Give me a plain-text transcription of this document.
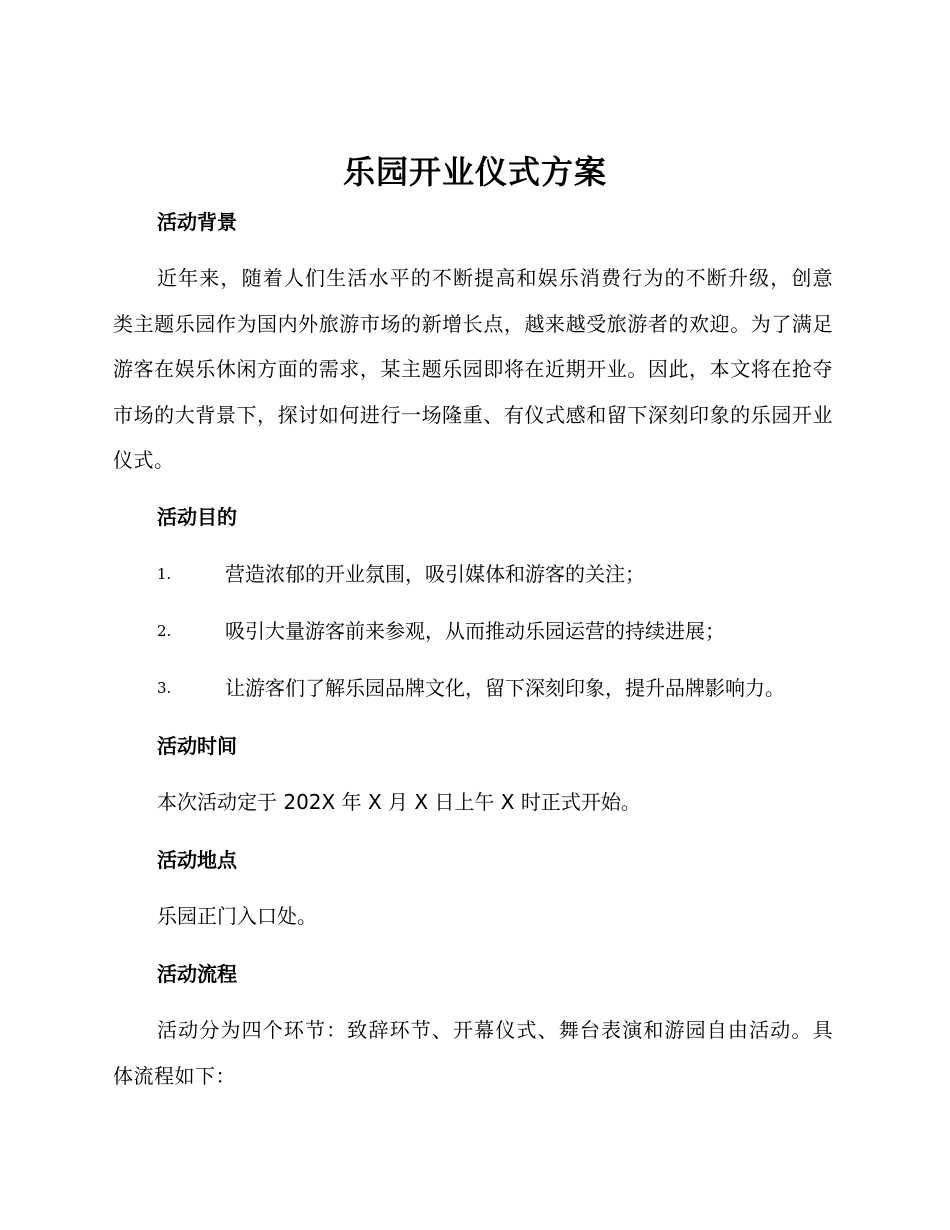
乐园开业仪式方案
活动背景
近年来，随着人们生活水平的不断提高和娱乐消费行为的不断升级，创意类主题乐园作为国内外旅游市场的新增长点，越来越受旅游者的欢迎。为了满足游客在娱乐休闲方面的需求，某主题乐园即将在近期开业。因此，本文将在抢夺市场的大背景下，探讨如何进行一场隆重、有仪式感和留下深刻印象的乐园开业仪式。
活动目的
1.	营造浓郁的开业氛围，吸引媒体和游客的关注；
2.	吸引大量游客前来参观，从而推动乐园运营的持续进展；
3.	让游客们了解乐园品牌文化，留下深刻印象，提升品牌影响力。
活动时间
本次活动定于 202X 年 X 月 X 日上午 X 时正式开始。
活动地点
乐园正门入口处。
活动流程
活动分为四个环节：致辞环节、开幕仪式、舞台表演和游园自由活动。具体流程如下：
